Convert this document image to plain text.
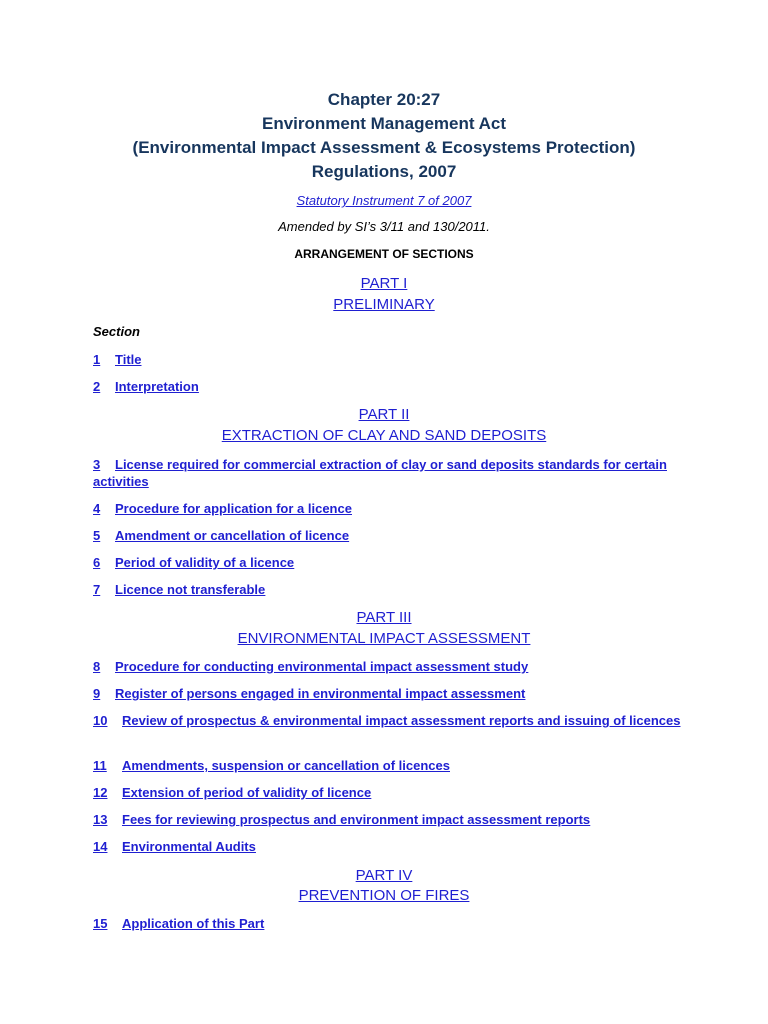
Chapter 20:27
Environment Management Act
(Environmental Impact Assessment & Ecosystems Protection)
Regulations, 2007
Statutory Instrument 7 of 2007
Amended by SI’s 3/11 and 130/2011.
ARRANGEMENT OF SECTIONS
PART I
PRELIMINARY
Section
1 Title
2 Interpretation
PART II
EXTRACTION OF CLAY AND SAND DEPOSITS
3 License required for commercial extraction of clay or sand deposits standards for certain activities
4 Procedure for application for a licence
5 Amendment or cancellation of licence
6 Period of validity of a licence
7 Licence not transferable
PART III
ENVIRONMENTAL IMPACT ASSESSMENT
8 Procedure for conducting environmental impact assessment study
9 Register of persons engaged in environmental impact assessment
10 Review of prospectus & environmental impact assessment reports and issuing of licences
11 Amendments, suspension or cancellation of licences
12 Extension of period of validity of licence
13 Fees for reviewing prospectus and environment impact assessment reports
14 Environmental Audits
PART IV
PREVENTION OF FIRES
15 Application of this Part
